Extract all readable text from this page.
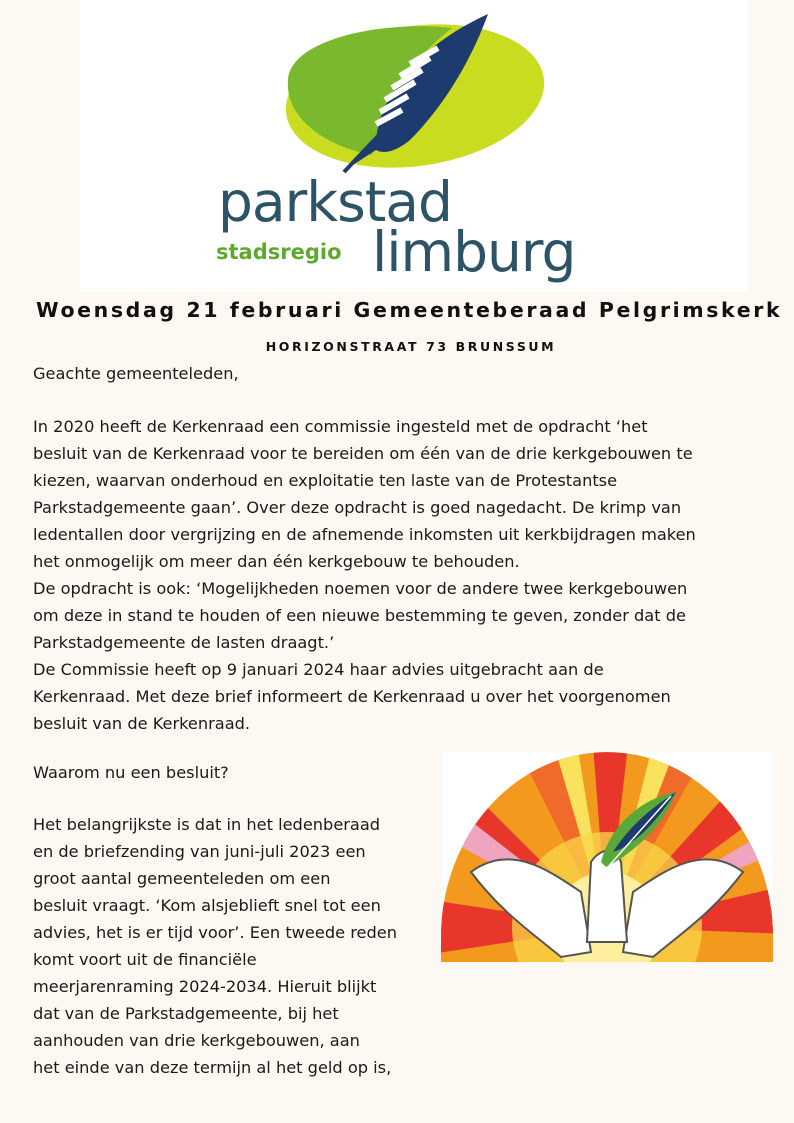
parkstad
stadsregio limburg
Woensdag 21 februari Gemeenteberaad Pelgrimskerk
HORIZONSTRAAT 73 BRUNSSUM

Geachte gemeenteleden,

In 2020 heeft de Kerkenraad een commissie ingesteld met de opdracht ‘het
besluit van de Kerkenraad voor te bereiden om één van de drie kerkgebouwen te
kiezen, waarvan onderhoud en exploitatie ten laste van de Protestantse
Parkstadgemeente gaan’. Over deze opdracht is goed nagedacht. De krimp van
ledentallen door vergrijzing en de afnemende inkomsten uit kerkbijdragen maken
het onmogelijk om meer dan één kerkgebouw te behouden.
De opdracht is ook: ‘Mogelijkheden noemen voor de andere twee kerkgebouwen
om deze in stand te houden of een nieuwe bestemming te geven, zonder dat de
Parkstadgemeente de lasten draagt.’
De Commissie heeft op 9 januari 2024 haar advies uitgebracht aan de
Kerkenraad. Met deze brief informeert de Kerkenraad u over het voorgenomen
besluit van de Kerkenraad.

Waarom nu een besluit?

Het belangrijkste is dat in het ledenberaad
en de briefzending van juni-juli 2023 een
groot aantal gemeenteleden om een
besluit vraagt. ‘Kom alsjeblieft snel tot een
advies, het is er tijd voor’. Een tweede reden
komt voort uit de financiële
meerjarenraming 2024-2034. Hieruit blijkt
dat van de Parkstadgemeente, bij het
aanhouden van drie kerkgebouwen, aan
het einde van deze termijn al het geld op is,
